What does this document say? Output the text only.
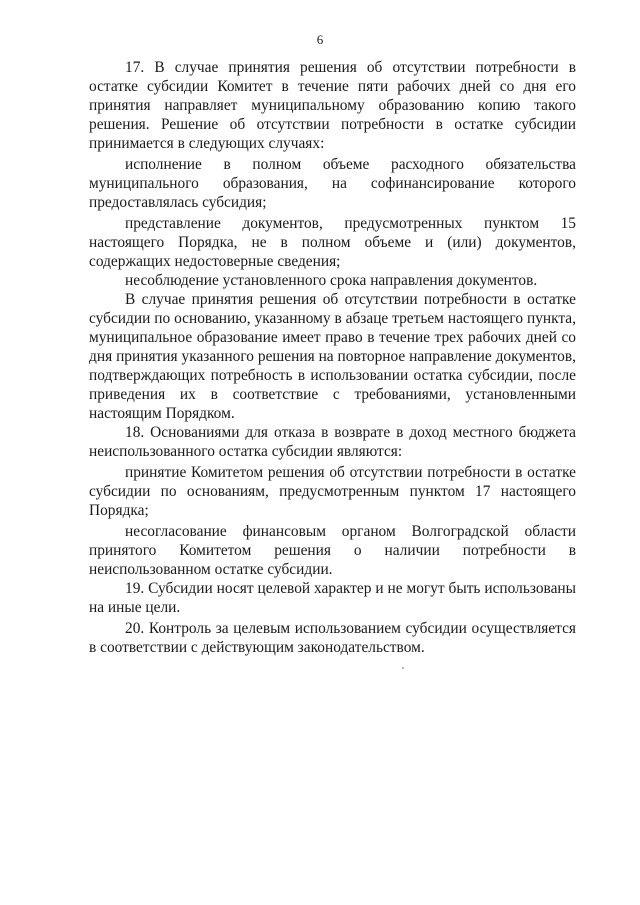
6

17. В случае принятия решения об отсутствии потребности в остатке субсидии Комитет в течение пяти рабочих дней со дня его принятия направляет муниципальному образованию копию такого решения. Решение об отсутствии потребности в остатке субсидии принимается в следующих случаях:

исполнение в полном объеме расходного обязательства муниципального образования, на софинансирование которого предоставлялась субсидия;

представление документов, предусмотренных пунктом 15 настоящего Порядка, не в полном объеме и (или) документов, содержащих недостоверные сведения;

несоблюдение установленного срока направления документов.

В случае принятия решения об отсутствии потребности в остатке субсидии по основанию, указанному в абзаце третьем настоящего пункта, муниципальное образование имеет право в течение трех рабочих дней со дня принятия указанного решения на повторное направление документов, подтверждающих потребность в использовании остатка субсидии, после приведения их в соответствие с требованиями, установленными настоящим Порядком.

18. Основаниями для отказа в возврате в доход местного бюджета неиспользованного остатка субсидии являются:

принятие Комитетом решения об отсутствии потребности в остатке субсидии по основаниям, предусмотренным пунктом 17 настоящего Порядка;

несогласование финансовым органом Волгоградской области принятого Комитетом решения о наличии потребности в неиспользованном остатке субсидии.

19. Субсидии носят целевой характер и не могут быть использованы на иные цели.

20. Контроль за целевым использованием субсидии осуществляется в соответствии с действующим законодательством.
